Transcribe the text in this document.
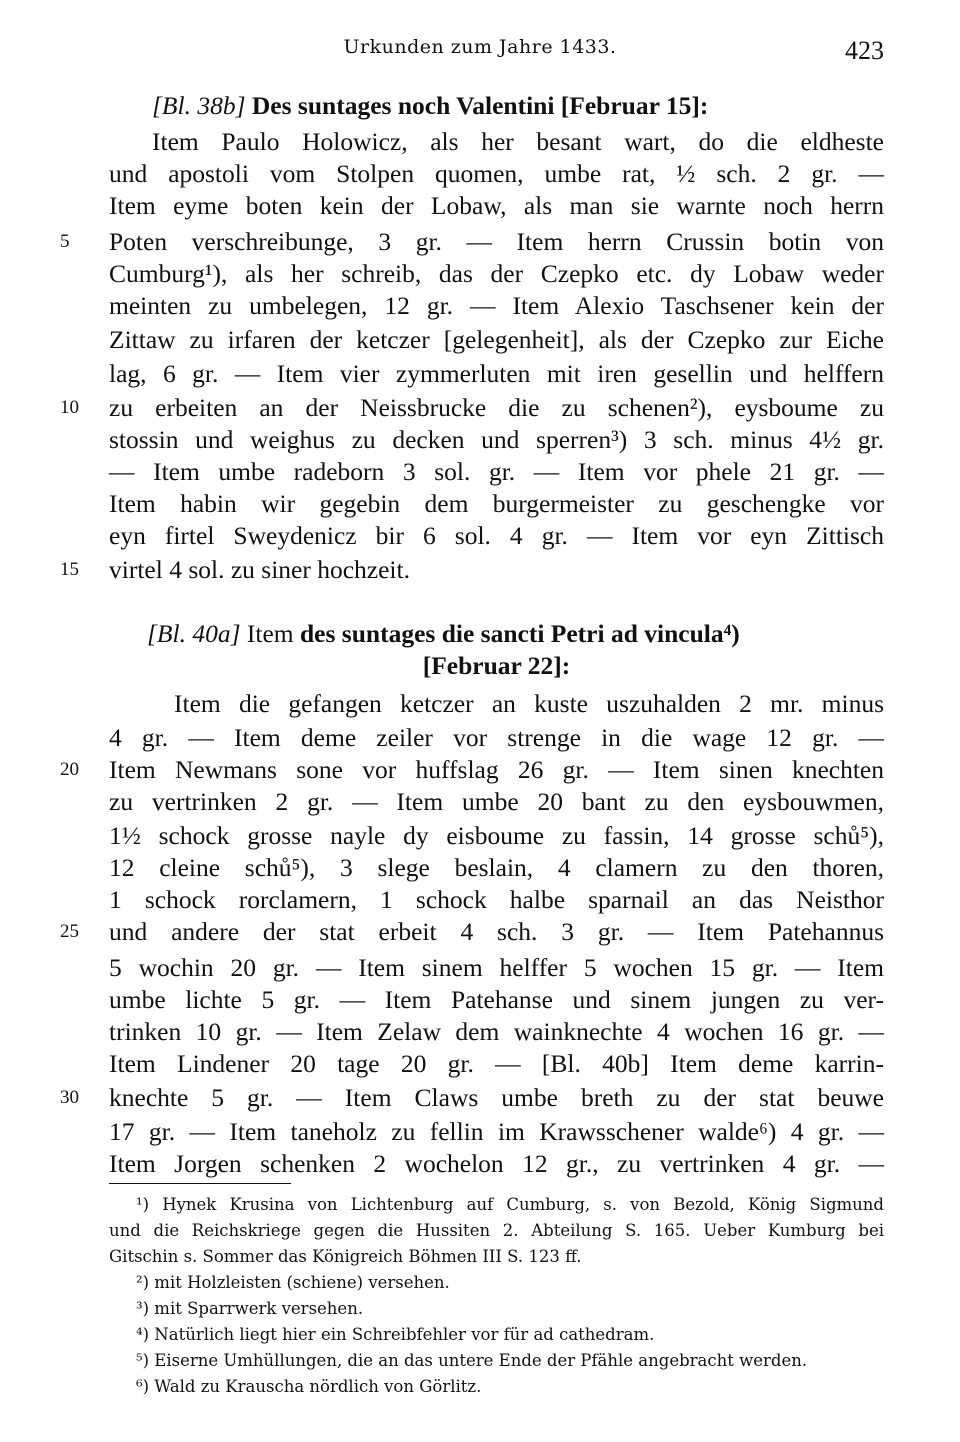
Urkunden zum Jahre 1433.	423
[Bl. 38b] Des suntages noch Valentini [Februar 15]:
Item Paulo Holowicz, als her besant wart, do die eldheste
und apostoli vom Stolpen quomen, umbe rat, ½ sch. 2 gr. —
Item eyme boten kein der Lobaw, als man sie warnte noch herrn
Poten verschreibunge, 3 gr. — Item herrn Crussin botin von
Cumburg¹), als her schreib, das der Czepko etc. dy Lobaw weder
meinten zu umbelegen, 12 gr. — Item Alexio Taschsener kein der
Zittaw zu irfaren der ketczer [gelegenheit], als der Czepko zur Eiche
lag, 6 gr. — Item vier zymmerluten mit iren gesellin und helffern
zu erbeiten an der Neissbrucke die zu schenen²), eysboume zu
stossin und weighus zu decken und sperren³) 3 sch. minus 4½ gr.
— Item umbe radeborn 3 sol. gr. — Item vor phele 21 gr. —
Item habin wir gegebin dem burgermeister zu geschengke vor
eyn firtel Sweydenicz bir 6 sol. 4 gr. — Item vor eyn Zittisch
virtel 4 sol. zu siner hochzeit.
[Bl. 40a] Item des suntages die sancti Petri ad vincula⁴)
[Februar 22]:
Item die gefangen ketczer an kuste uszuhalden 2 mr. minus
4 gr. — Item deme zeiler vor strenge in die wage 12 gr. —
Item Newmans sone vor huffslag 26 gr. — Item sinen knechten
zu vertrinken 2 gr. — Item umbe 20 bant zu den eysbouwmen,
1½ schock grosse nayle dy eisboume zu fassin, 14 grosse schů⁵),
12 cleine schů⁵), 3 slege beslain, 4 clamern zu den thoren,
1 schock rorclamern, 1 schock halbe sparnail an das Neisthor
und andere der stat erbeit 4 sch. 3 gr. — Item Patehannus
5 wochin 20 gr. — Item sinem helffer 5 wochen 15 gr. — Item
umbe lichte 5 gr. — Item Patehanse und sinem jungen zu ver-
trinken 10 gr. — Item Zelaw dem wainknechte 4 wochen 16 gr. —
Item Lindener 20 tage 20 gr. — [Bl. 40b] Item deme karrin-
knechte 5 gr. — Item Claws umbe breth zu der stat beuwe
17 gr. — Item taneholz zu fellin im Krawsschener walde⁶) 4 gr. —
Item Jorgen schenken 2 wochelon 12 gr., zu vertrinken 4 gr. —
5
10
15
20
25
30
¹) Hynek Krusina von Lichtenburg auf Cumburg, s. von Bezold, König Sigmund
und die Reichskriege gegen die Hussiten 2. Abteilung S. 165. Ueber Kumburg bei
Gitschin s. Sommer das Königreich Böhmen III S. 123 ff.
²) mit Holzleisten (schiene) versehen.
³) mit Sparrwerk versehen.
⁴) Natürlich liegt hier ein Schreibfehler vor für ad cathedram.
⁵) Eiserne Umhüllungen, die an das untere Ende der Pfähle angebracht werden.
⁶) Wald zu Krauscha nördlich von Görlitz.
